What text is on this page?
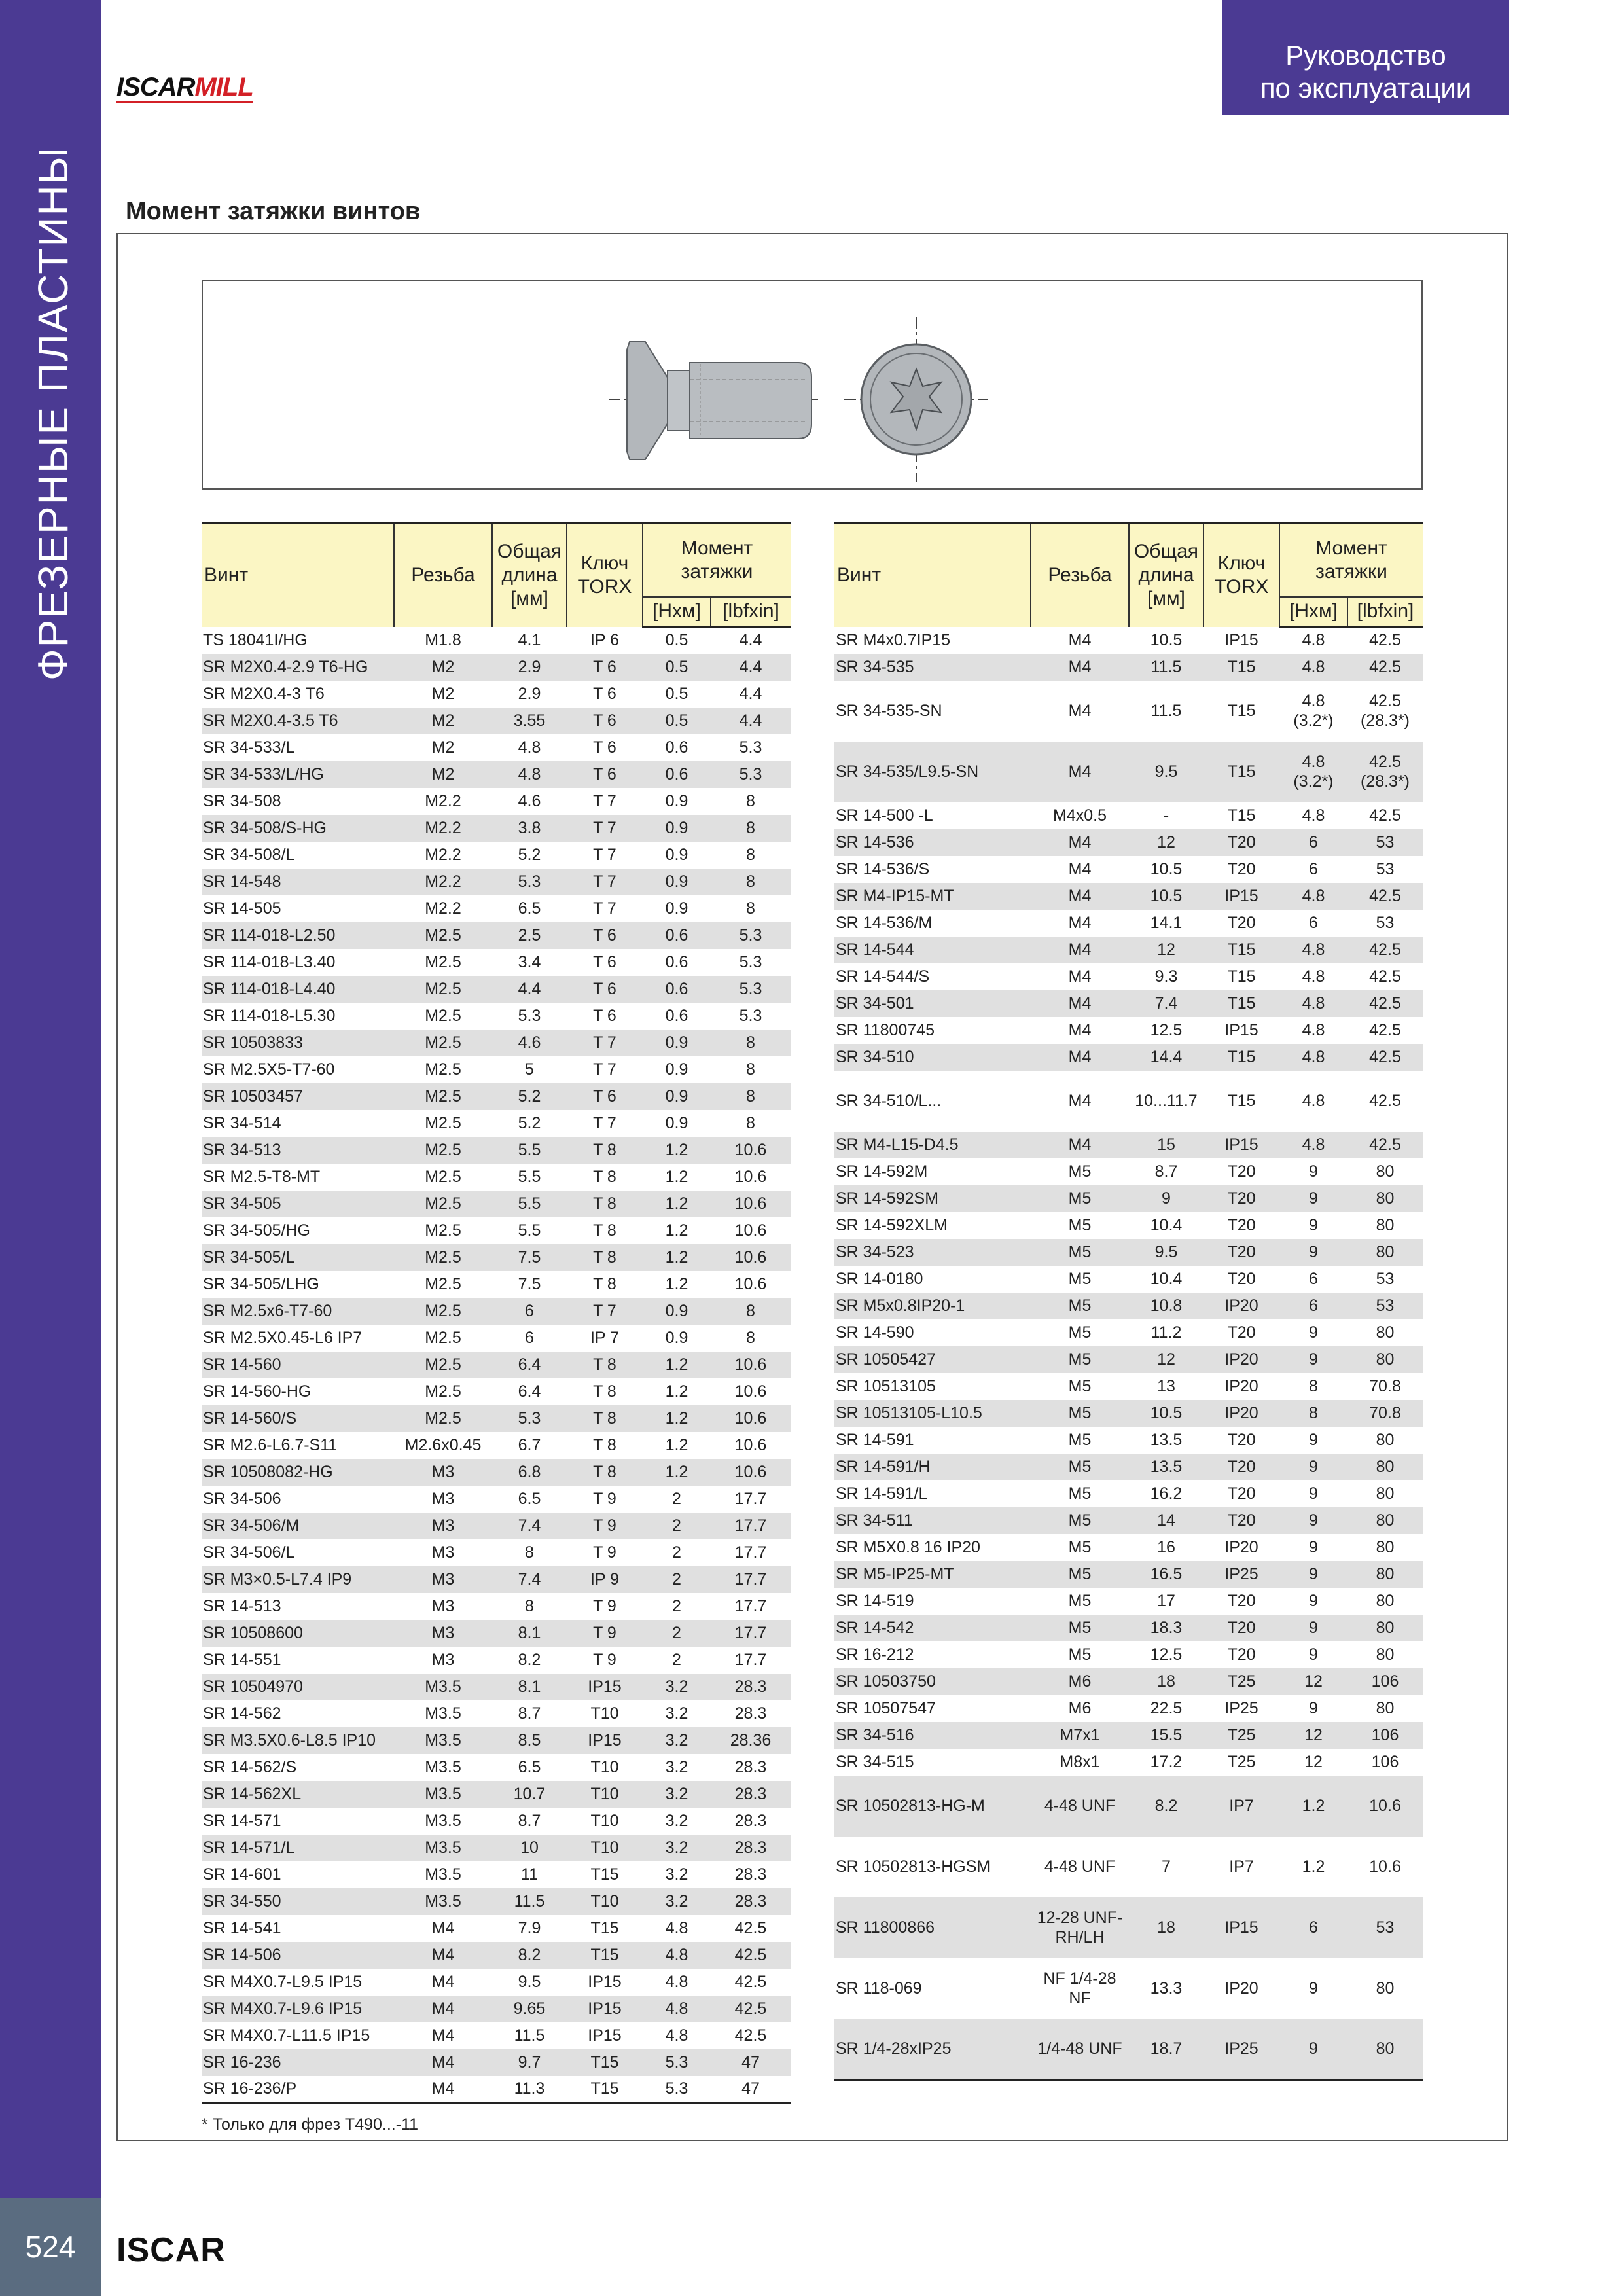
ФРЕЗЕРНЫЕ ПЛАСТИНЫ
524
ISCARMILL
Руководство
по эксплуатации
Момент затяжки винтов
Винт	Резьба	Общая длина [мм]	Ключ TORX	Момент затяжки	
				[Нхм]	[lbfxin]
TS 18041I/HG	M1.8	4.1	IP 6	0.5	4.4
SR M2X0.4-2.9 T6-HG	M2	2.9	T 6	0.5	4.4
SR M2X0.4-3 T6	M2	2.9	T 6	0.5	4.4
SR M2X0.4-3.5 T6	M2	3.55	T 6	0.5	4.4
SR 34-533/L	M2	4.8	T 6	0.6	5.3
SR 34-533/L/HG	M2	4.8	T 6	0.6	5.3
SR 34-508	M2.2	4.6	T 7	0.9	8
SR 34-508/S-HG	M2.2	3.8	T 7	0.9	8
SR 34-508/L	M2.2	5.2	T 7	0.9	8
SR 14-548	M2.2	5.3	T 7	0.9	8
SR 14-505	M2.2	6.5	T 7	0.9	8
SR 114-018-L2.50	M2.5	2.5	T 6	0.6	5.3
SR 114-018-L3.40	M2.5	3.4	T 6	0.6	5.3
SR 114-018-L4.40	M2.5	4.4	T 6	0.6	5.3
SR 114-018-L5.30	M2.5	5.3	T 6	0.6	5.3
SR 10503833	M2.5	4.6	T 7	0.9	8
SR M2.5X5-T7-60	M2.5	5	T 7	0.9	8
SR 10503457	M2.5	5.2	T 6	0.9	8
SR 34-514	M2.5	5.2	T 7	0.9	8
SR 34-513	M2.5	5.5	T 8	1.2	10.6
SR M2.5-T8-MT	M2.5	5.5	T 8	1.2	10.6
SR 34-505	M2.5	5.5	T 8	1.2	10.6
SR 34-505/HG	M2.5	5.5	T 8	1.2	10.6
SR 34-505/L	M2.5	7.5	T 8	1.2	10.6
SR 34-505/LHG	M2.5	7.5	T 8	1.2	10.6
SR M2.5x6-T7-60	M2.5	6	T 7	0.9	8
SR M2.5X0.45-L6 IP7	M2.5	6	IP 7	0.9	8
SR 14-560	M2.5	6.4	T 8	1.2	10.6
SR 14-560-HG	M2.5	6.4	T 8	1.2	10.6
SR 14-560/S	M2.5	5.3	T 8	1.2	10.6
SR M2.6-L6.7-S11	M2.6x0.45	6.7	T 8	1.2	10.6
SR 10508082-HG	M3	6.8	T 8	1.2	10.6
SR 34-506	M3	6.5	T 9	2	17.7
SR 34-506/M	M3	7.4	T 9	2	17.7
SR 34-506/L	M3	8	T 9	2	17.7
SR M3×0.5-L7.4 IP9	M3	7.4	IP 9	2	17.7
SR 14-513	M3	8	T 9	2	17.7
SR 10508600	M3	8.1	T 9	2	17.7
SR 14-551	M3	8.2	T 9	2	17.7
SR 10504970	M3.5	8.1	IP15	3.2	28.3
SR 14-562	M3.5	8.7	T10	3.2	28.3
SR M3.5X0.6-L8.5 IP10	M3.5	8.5	IP15	3.2	28.36
SR 14-562/S	M3.5	6.5	T10	3.2	28.3
SR 14-562XL	M3.5	10.7	T10	3.2	28.3
SR 14-571	M3.5	8.7	T10	3.2	28.3
SR 14-571/L	M3.5	10	T10	3.2	28.3
SR 14-601	M3.5	11	T15	3.2	28.3
SR 34-550	M3.5	11.5	T10	3.2	28.3
SR 14-541	M4	7.9	T15	4.8	42.5
SR 14-506	M4	8.2	T15	4.8	42.5
SR M4X0.7-L9.5 IP15	M4	9.5	IP15	4.8	42.5
SR M4X0.7-L9.6 IP15	M4	9.65	IP15	4.8	42.5
SR M4X0.7-L11.5 IP15	M4	11.5	IP15	4.8	42.5
SR 16-236	M4	9.7	T15	5.3	47
SR 16-236/P	M4	11.3	T15	5.3	47
Винт	Резьба	Общая длина [мм]	Ключ TORX	Момент затяжки	
				[Нхм]	[lbfxin]
SR M4x0.7IP15	M4	10.5	IP15	4.8	42.5
SR 34-535	M4	11.5	T15	4.8	42.5
SR 34-535-SN	M4	11.5	T15	4.8 (3.2*)	42.5 (28.3*)
SR 34-535/L9.5-SN	M4	9.5	T15	4.8 (3.2*)	42.5 (28.3*)
SR 14-500 -L	M4x0.5	-	T15	4.8	42.5
SR 14-536	M4	12	T20	6	53
SR 14-536/S	M4	10.5	T20	6	53
SR M4-IP15-MT	M4	10.5	IP15	4.8	42.5
SR 14-536/M	M4	14.1	T20	6	53
SR 14-544	M4	12	T15	4.8	42.5
SR 14-544/S	M4	9.3	T15	4.8	42.5
SR 34-501	M4	7.4	T15	4.8	42.5
SR 11800745	M4	12.5	IP15	4.8	42.5
SR 34-510	M4	14.4	T15	4.8	42.5
SR 34-510/L...	M4	10...11.7	T15	4.8	42.5
SR M4-L15-D4.5	M4	15	IP15	4.8	42.5
SR 14-592M	M5	8.7	T20	9	80
SR 14-592SM	M5	9	T20	9	80
SR 14-592XLM	M5	10.4	T20	9	80
SR 34-523	M5	9.5	T20	9	80
SR 14-0180	M5	10.4	T20	6	53
SR M5x0.8IP20-1	M5	10.8	IP20	6	53
SR 14-590	M5	11.2	T20	9	80
SR 10505427	M5	12	IP20	9	80
SR 10513105	M5	13	IP20	8	70.8
SR 10513105-L10.5	M5	10.5	IP20	8	70.8
SR 14-591	M5	13.5	T20	9	80
SR 14-591/H	M5	13.5	T20	9	80
SR 14-591/L	M5	16.2	T20	9	80
SR 34-511	M5	14	T20	9	80
SR M5X0.8 16 IP20	M5	16	IP20	9	80
SR M5-IP25-MT	M5	16.5	IP25	9	80
SR 14-519	M5	17	T20	9	80
SR 14-542	M5	18.3	T20	9	80
SR 16-212	M5	12.5	T20	9	80
SR 10503750	M6	18	T25	12	106
SR 10507547	M6	22.5	IP25	9	80
SR 34-516	M7x1	15.5	T25	12	106
SR 34-515	M8x1	17.2	T25	12	106
SR 10502813-HG-M	4-48 UNF	8.2	IP7	1.2	10.6
SR 10502813-HGSM	4-48 UNF	7	IP7	1.2	10.6
SR 11800866	12-28 UNF-RH/LH	18	IP15	6	53
SR 118-069	NF 1/4-28 NF	13.3	IP20	9	80
SR 1/4-28xIP25	1/4-48 UNF	18.7	IP25	9	80
* Только для фрез T490...-11
ISCAR
